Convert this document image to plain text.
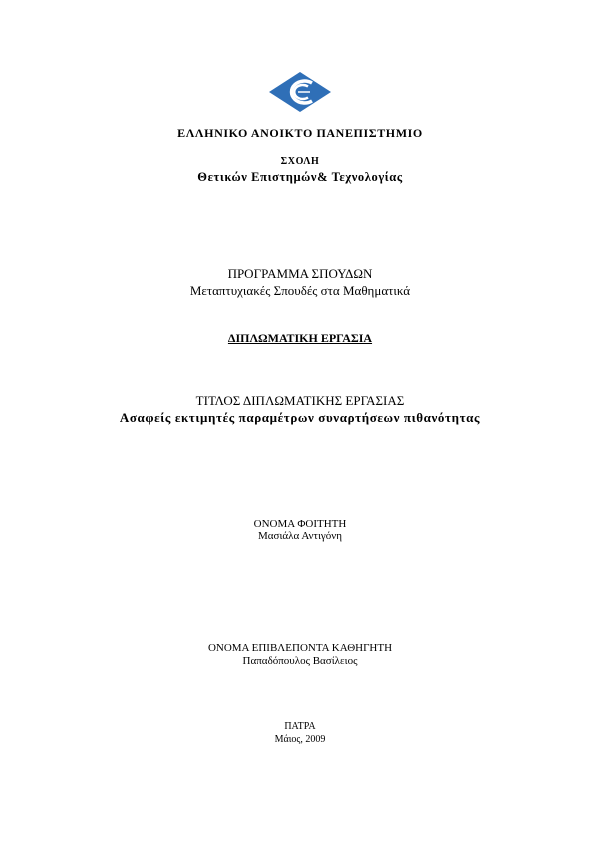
ΕΛΛΗΝΙΚΟ ΑΝΟΙΚΤΟ ΠΑΝΕΠΙΣΤΗΜΙΟ
ΣΧΟΛΗ
Θετικών Επιστημών& Τεχνολογίας
ΠΡΟΓΡΑΜΜΑ ΣΠΟΥΔΩΝ
Μεταπτυχιακές Σπουδές στα Μαθηματικά
ΔΙΠΛΩΜΑΤΙΚΗ ΕΡΓΑΣΙΑ
ΤΙΤΛΟΣ ΔΙΠΛΩΜΑΤΙΚΗΣ ΕΡΓΑΣΙΑΣ
Ασαφείς εκτιμητές παραμέτρων συναρτήσεων πιθανότητας
ΟΝΟΜΑ ΦΟΙΤΗΤΗ
Μασιάλα Αντιγόνη
ΟΝΟΜΑ ΕΠΙΒΛΕΠΟΝΤΑ ΚΑΘΗΓΗΤΗ
Παπαδόπουλος Βασίλειος
ΠΑΤΡΑ
Μάιος, 2009
